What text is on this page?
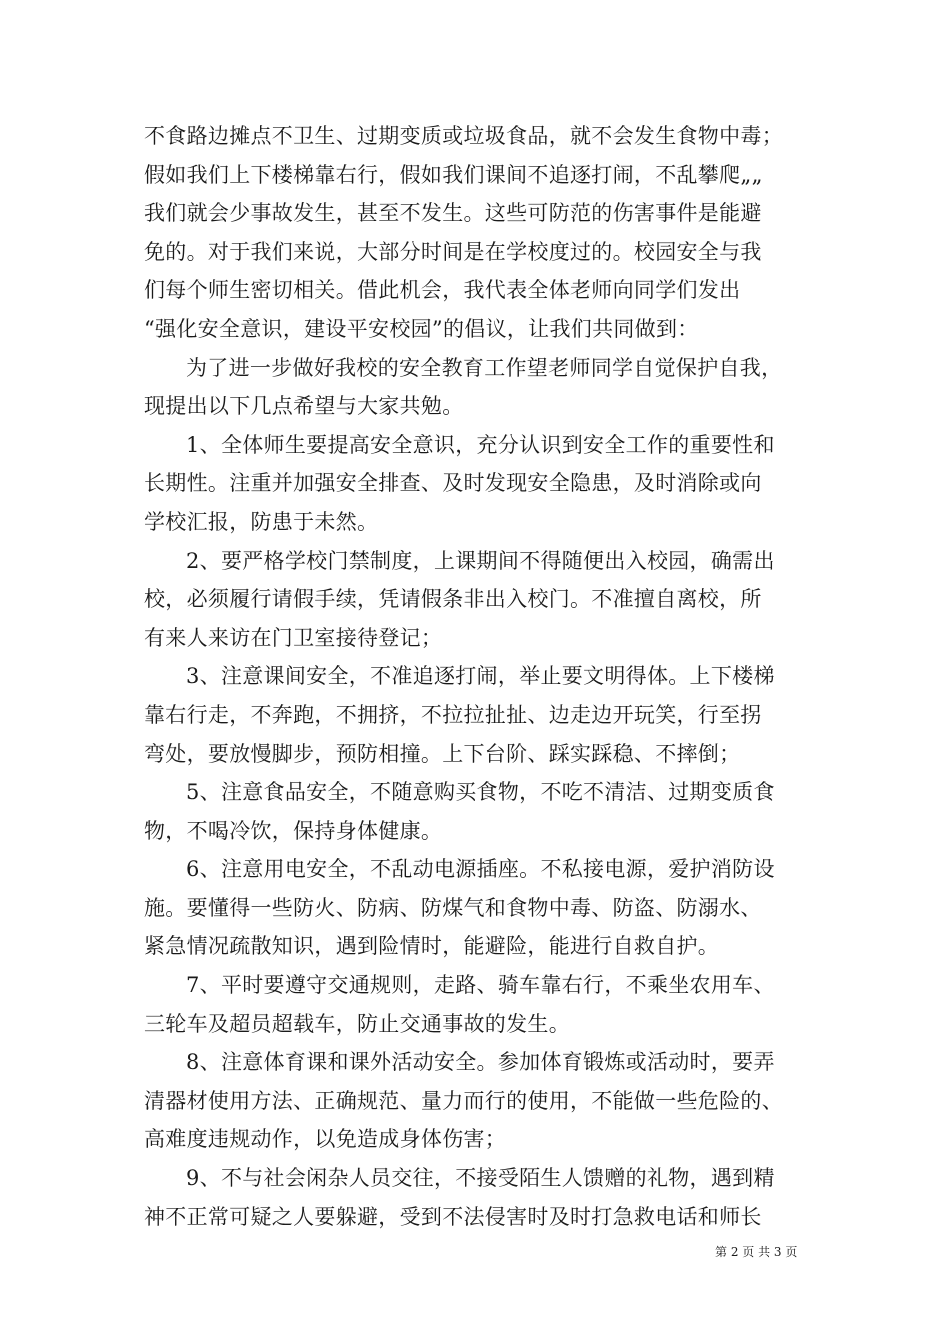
不食路边摊点不卫生、过期变质或垃圾食品，就不会发生食物中毒；
假如我们上下楼梯靠右行，假如我们课间不追逐打闹，不乱攀爬„„
我们就会少事故发生，甚至不发生。这些可防范的伤害事件是能避
免的。对于我们来说，大部分时间是在学校度过的。校园安全与我
们每个师生密切相关。借此机会，我代表全体老师向同学们发出
“强化安全意识，建设平安校园”的倡议，让我们共同做到：
为了进一步做好我校的安全教育工作望老师同学自觉保护自我，
现提出以下几点希望与大家共勉。
1、全体师生要提高安全意识，充分认识到安全工作的重要性和
长期性。注重并加强安全排查、及时发现安全隐患，及时消除或向
学校汇报，防患于未然。
2、要严格学校门禁制度，上课期间不得随便出入校园，确需出
校，必须履行请假手续，凭请假条非出入校门。不准擅自离校，所
有来人来访在门卫室接待登记；
3、注意课间安全，不准追逐打闹，举止要文明得体。上下楼梯
靠右行走，不奔跑，不拥挤，不拉拉扯扯、边走边开玩笑，行至拐
弯处，要放慢脚步，预防相撞。上下台阶、踩实踩稳、不摔倒；
5、注意食品安全，不随意购买食物，不吃不清洁、过期变质食
物，不喝冷饮，保持身体健康。
6、注意用电安全，不乱动电源插座。不私接电源，爱护消防设
施。要懂得一些防火、防病、防煤气和食物中毒、防盗、防溺水、
紧急情况疏散知识，遇到险情时，能避险，能进行自救自护。
7、平时要遵守交通规则，走路、骑车靠右行，不乘坐农用车、
三轮车及超员超载车，防止交通事故的发生。
8、注意体育课和课外活动安全。参加体育锻炼或活动时，要弄
清器材使用方法、正确规范、量力而行的使用，不能做一些危险的、
高难度违规动作，以免造成身体伤害；
9、不与社会闲杂人员交往，不接受陌生人馈赠的礼物，遇到精
神不正常可疑之人要躲避，受到不法侵害时及时打急救电话和师长
第 2 页 共 3 页
